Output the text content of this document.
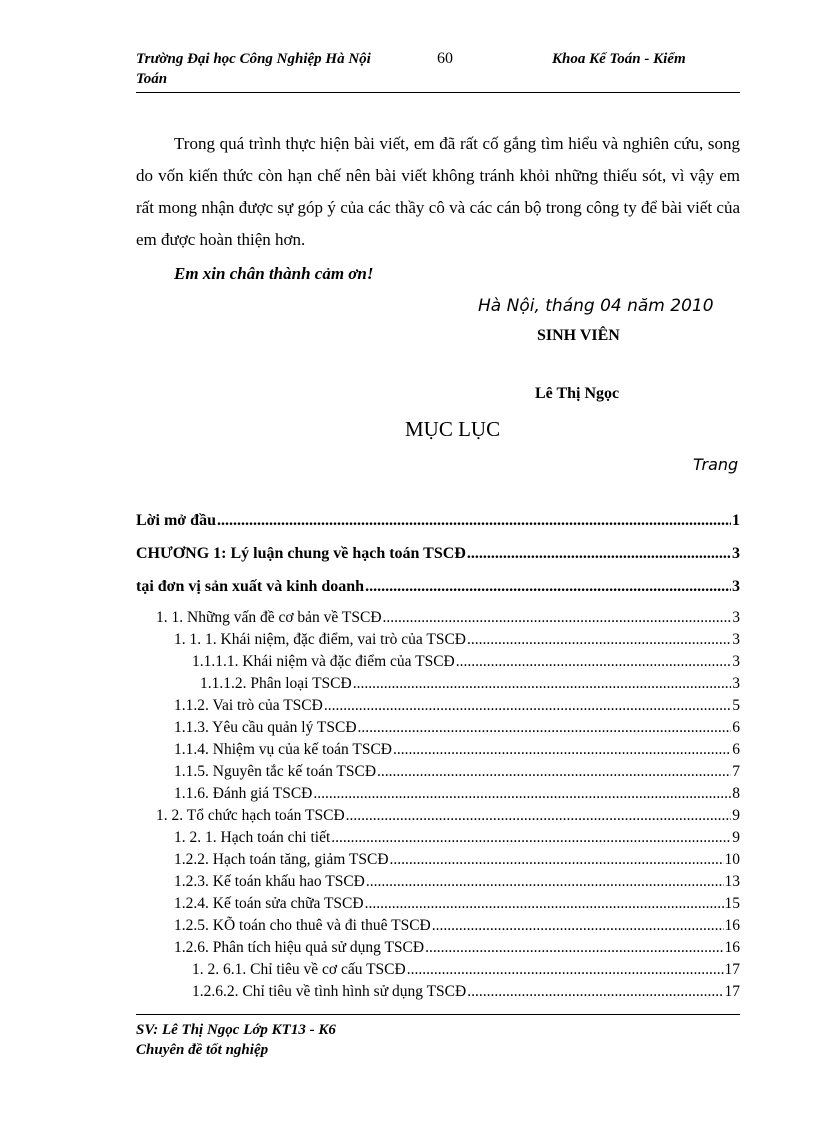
Trường Đại học Công Nghiệp Hà Nội	60	Khoa Kế Toán - Kiểm
Toán

Trong quá trình thực hiện bài viết, em đã rất cố gắng tìm hiểu và nghiên cứu, song do vốn kiến thức còn hạn chế nên bài viết không tránh khỏi những thiếu sót, vì vậy em rất mong nhận được sự góp ý của các thầy cô và các cán bộ trong công ty để bài viết của em được hoàn thiện hơn.

Em xin chân thành cảm ơn!
Hà Nội, tháng 04 năm 2010
SINH VIÊN
Lê Thị Ngọc
MỤC LỤC
Trang
Lời mở đầu .....	1
CHƯƠNG 1: Lý luận chung về hạch toán TSCĐ .....	3
tại đơn vị sản xuất và kinh doanh .....	3
1. 1. Những vấn đề cơ bản về TSCĐ .....	3
1. 1. 1. Khái niệm, đặc điểm, vai trò của TSCĐ .....	3
1.1.1.1. Khái niệm và đặc điểm của TSCĐ .....	3
1.1.1.2. Phân loại TSCĐ .....	3
1.1.2. Vai trò của TSCĐ .....	5
1.1.3. Yêu cầu quản lý TSCĐ .....	6
1.1.4. Nhiệm vụ của kế toán TSCĐ .....	6
1.1.5. Nguyên tắc kế toán TSCĐ .....	7
1.1.6. Đánh giá TSCĐ .....	8
1. 2. Tổ chức hạch toán TSCĐ .....	9
1. 2. 1. Hạch toán chi tiết .....	9
1.2.2. Hạch toán tăng, giảm TSCĐ .....	10
1.2.3. Kế toán khấu hao TSCĐ .....	13
1.2.4. Kế toán sửa chữa TSCĐ .....	15
1.2.5. KÕ toán cho thuê và đi thuê TSCĐ .....	16
1.2.6. Phân tích hiệu quả sử dụng TSCĐ .....	16
1. 2. 6.1. Chỉ tiêu về cơ cấu TSCĐ .....	17
1.2.6.2. Chỉ tiêu về tình hình sử dụng TSCĐ .....	17
SV: Lê Thị Ngọc Lớp KT13 - K6
Chuyên đề tốt nghiệp
